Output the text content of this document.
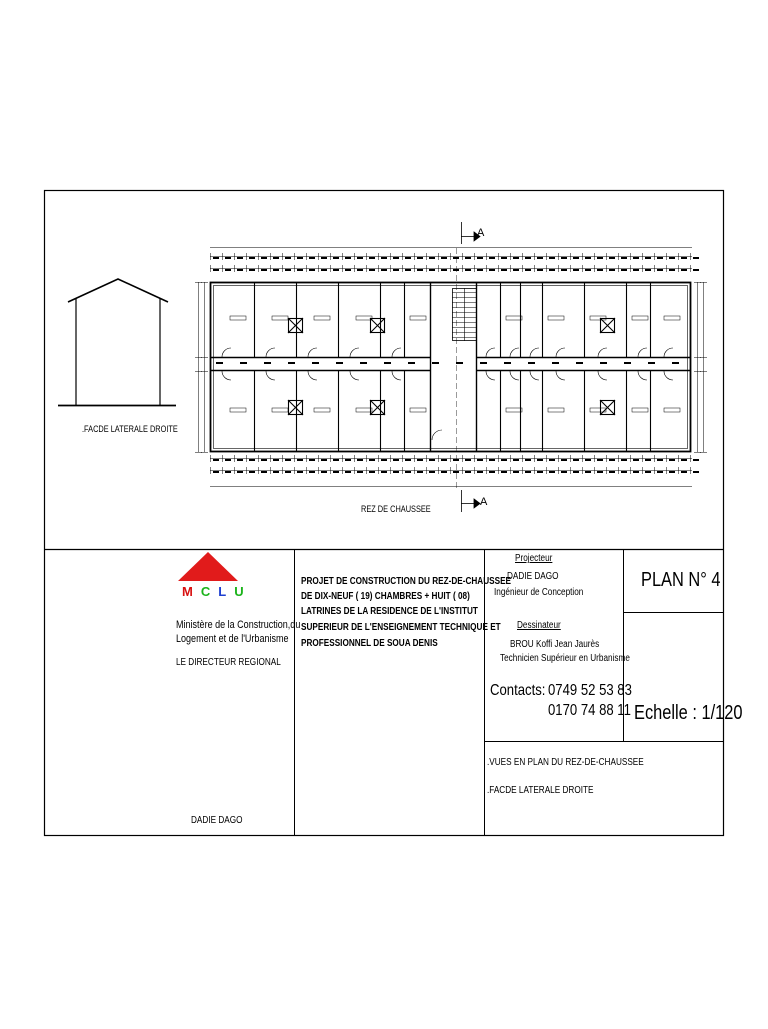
A
A
.FACDE LATERALE DROITE
REZ DE CHAUSSEE
MCLU
Ministère de la Construction,du
Logement et de l'Urbanisme
LE DIRECTEUR REGIONAL
DADIE DAGO
PROJET DE CONSTRUCTION DU REZ-DE-CHAUSSEE
DE DIX-NEUF ( 19) CHAMBRES + HUIT ( 08)
LATRINES DE LA RESIDENCE DE L'INSTITUT
SUPERIEUR DE L'ENSEIGNEMENT TECHNIQUE ET
PROFESSIONNEL DE SOUA DENIS
Projecteur
DADIE DAGO
Ingénieur de Conception
Dessinateur
BROU Koffi Jean Jaurès
Technicien Supérieur en Urbanisme
Contacts: 0749 52 53 83
0170 74 88 11
PLAN N° 4
Echelle : 1/120
.VUES EN PLAN DU REZ-DE-CHAUSSEE
.FACDE LATERALE DROITE
